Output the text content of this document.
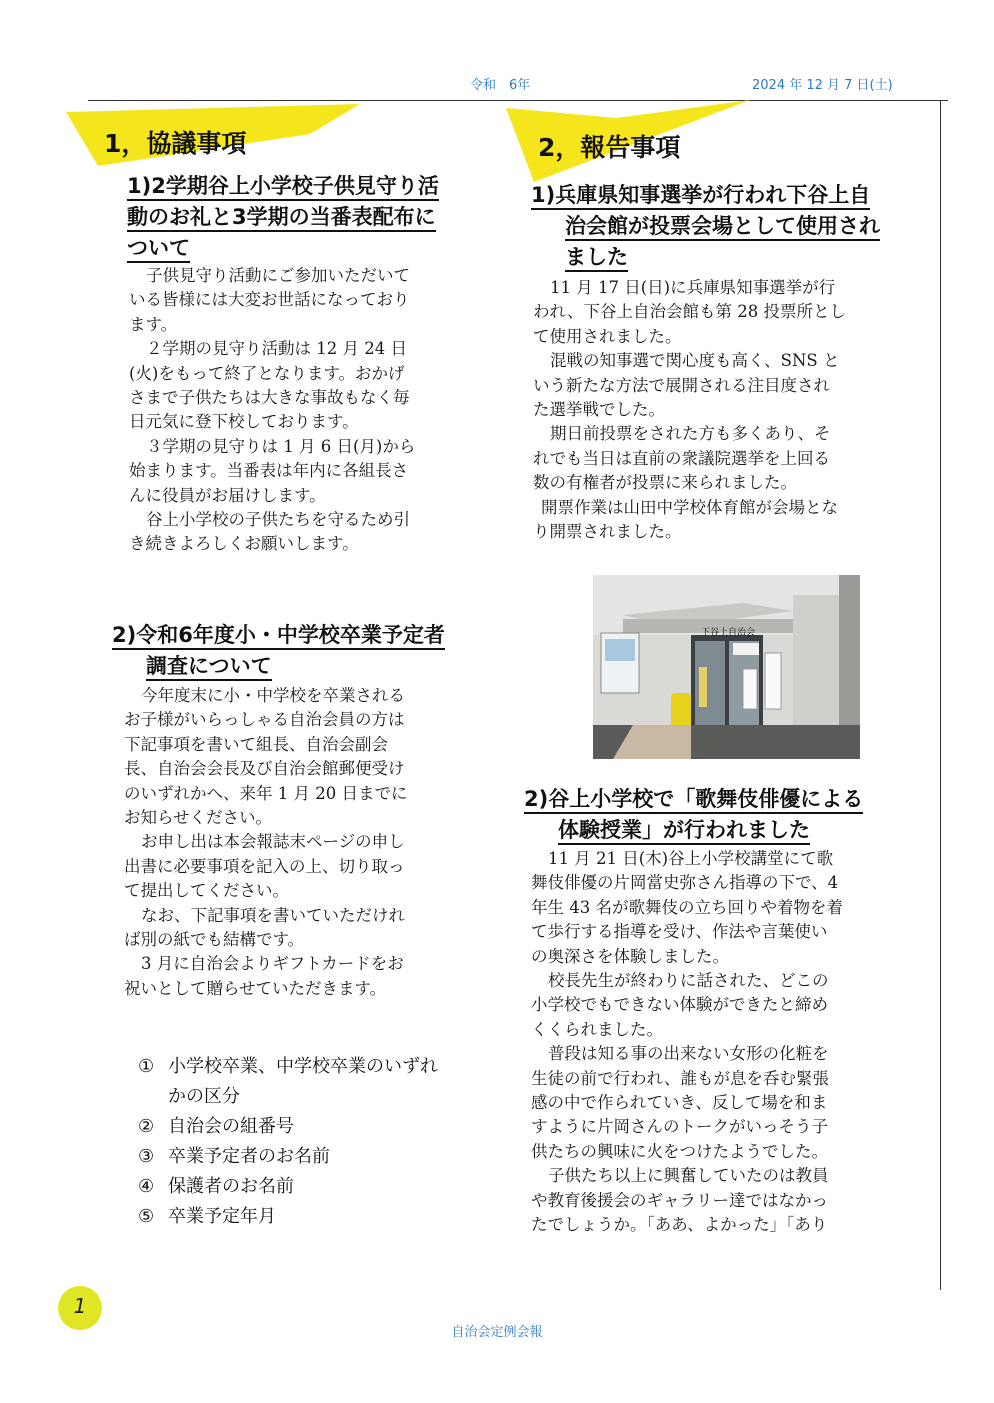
令和　6年	2024 年 12 月 7 日(土)
1，協議事項
1)2学期谷上小学校子供見守り活
動のお礼と3学期の当番表配布に
ついて
子供見守り活動にご参加いただいて
いる皆様には大変お世話になっており
ます。
２学期の見守り活動は 12 月 24 日
(火)をもって終了となります。おかげ
さまで子供たちは大きな事故もなく毎
日元気に登下校しております。
３学期の見守りは 1 月 6 日(月)から
始まります。当番表は年内に各組長さ
んに役員がお届けします。
谷上小学校の子供たちを守るため引
き続きよろしくお願いします。
2)令和6年度小・中学校卒業予定者
調査について
今年度末に小・中学校を卒業される
お子様がいらっしゃる自治会員の方は
下記事項を書いて組長、自治会副会
長、自治会会長及び自治会館郵便受け
のいずれかへ、来年 1 月 20 日までに
お知らせください。
お申し出は本会報誌末ページの申し
出書に必要事項を記入の上、切り取っ
て提出してください。
なお、下記事項を書いていただけれ
ば別の紙でも結構です。
3 月に自治会よりギフトカードをお
祝いとして贈らせていただきます。
① 小学校卒業、中学校卒業のいずれ
かの区分
② 自治会の組番号
③ 卒業予定者のお名前
④ 保護者のお名前
⑤ 卒業予定年月
2，報告事項
1)兵庫県知事選挙が行われ下谷上自
治会館が投票会場として使用され
ました
11 月 17 日(日)に兵庫県知事選挙が行
われ、下谷上自治会館も第 28 投票所とし
て使用されました。
混戦の知事選で関心度も高く、SNS と
いう新たな方法で展開される注目度され
た選挙戦でした。
期日前投票をされた方も多くあり、そ
れでも当日は直前の衆議院選挙を上回る
数の有権者が投票に来られました。
開票作業は山田中学校体育館が会場とな
り開票されました。
下谷上自治会
2)谷上小学校で「歌舞伎俳優による
体験授業」が行われました
11 月 21 日(木)谷上小学校講堂にて歌
舞伎俳優の片岡當史弥さん指導の下で、4
年生 43 名が歌舞伎の立ち回りや着物を着
て歩行する指導を受け、作法や言葉使い
の奥深さを体験しました。
校長先生が終わりに話された、どこの
小学校でもできない体験ができたと締め
くくられました。
普段は知る事の出来ない女形の化粧を
生徒の前で行われ、誰もが息を呑む緊張
感の中で作られていき、反して場を和ま
すように片岡さんのトークがいっそう子
供たちの興味に火をつけたようでした。
子供たち以上に興奮していたのは教員
や教育後援会のギャラリー達ではなかっ
たでしょうか。「ああ、よかった」「あり
1
自治会定例会報
